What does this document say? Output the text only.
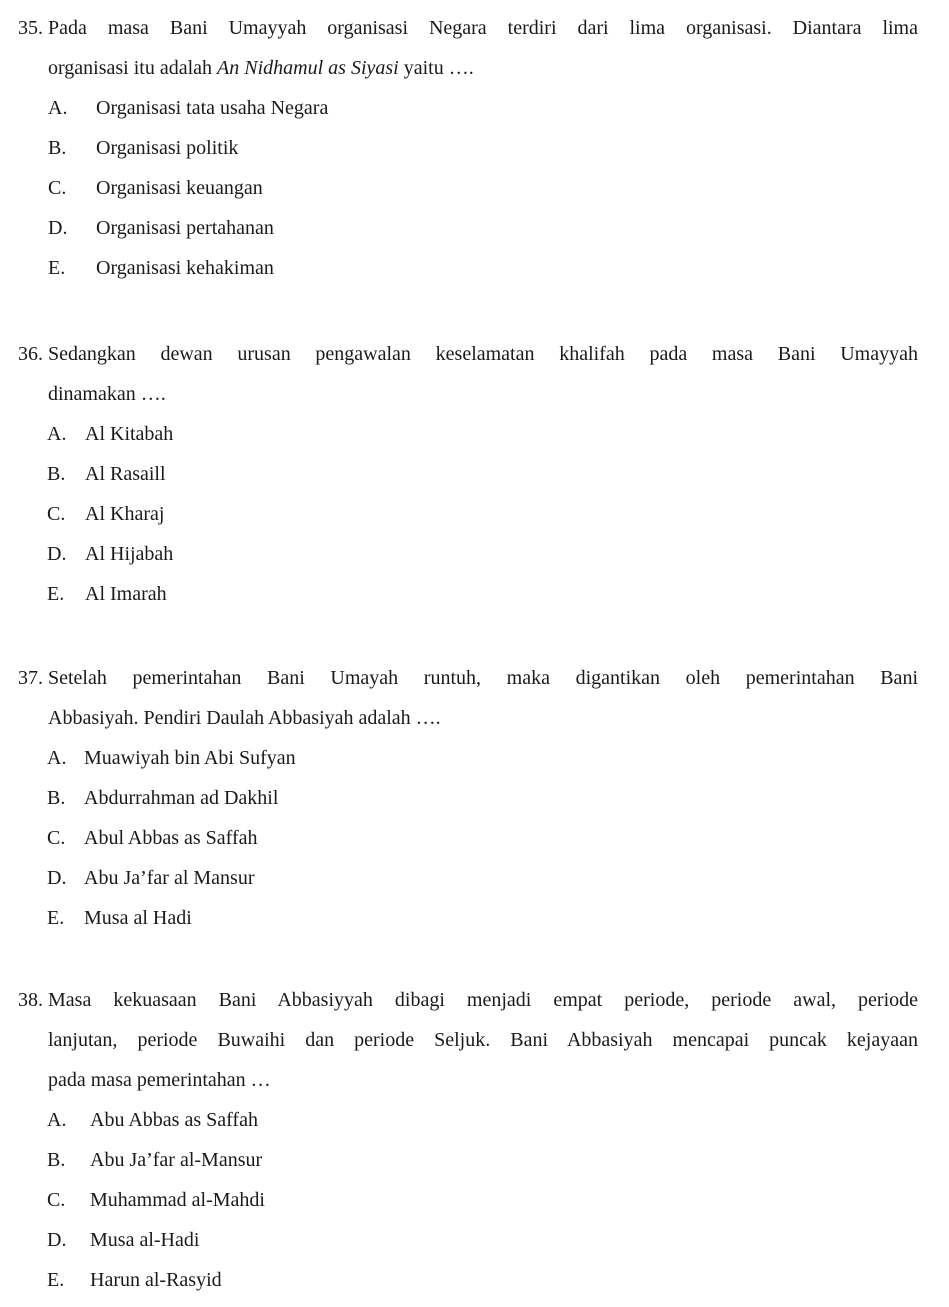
35. Pada masa Bani Umayyah organisasi Negara terdiri dari lima organisasi. Diantara lima
organisasi itu adalah An Nidhamul as Siyasi yaitu ….
A.	Organisasi tata usaha Negara
B.	Organisasi politik
C.	Organisasi keuangan
D.	Organisasi pertahanan
E.	Organisasi kehakiman
36. Sedangkan dewan urusan pengawalan keselamatan khalifah pada masa Bani Umayyah
dinamakan ….
A. Al Kitabah
B. Al Rasaill
C. Al Kharaj
D. Al Hijabah
E.	Al Imarah
37. Setelah pemerintahan Bani Umayah runtuh, maka digantikan oleh pemerintahan Bani
Abbasiyah. Pendiri Daulah Abbasiyah adalah ….
A. Muawiyah bin Abi Sufyan
B. Abdurrahman ad Dakhil
C. Abul Abbas as Saffah
D. Abu Ja’far al Mansur
E. Musa al Hadi
38. Masa kekuasaan Bani Abbasiyyah dibagi menjadi empat periode, periode awal, periode
lanjutan, periode Buwaihi dan periode Seljuk. Bani Abbasiyah mencapai puncak kejayaan
pada masa pemerintahan …
A.	Abu Abbas as Saffah
B.	Abu Ja’far al-Mansur
C.	Muhammad al-Mahdi
D.	Musa al-Hadi
E.	Harun al-Rasyid
